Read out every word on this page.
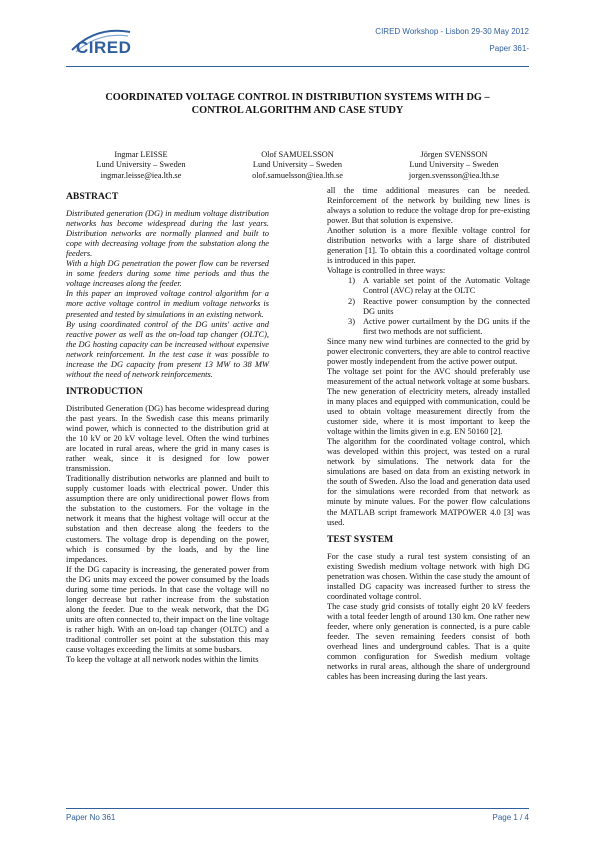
CIRED
CIRED Workshop - Lisbon 29-30 May 2012
Paper 361-
COORDINATED VOLTAGE CONTROL IN DISTRIBUTION SYSTEMS WITH DG –
CONTROL ALGORITHM AND CASE STUDY
Ingmar LEISSE
Lund University – Sweden
ingmar.leisse@iea.lth.se
Olof SAMUELSSON
Lund University – Sweden
olof.samuelsson@iea.lth.se
Jörgen SVENSSON
Lund University – Sweden
jorgen.svensson@iea.lth.se
ABSTRACT

Distributed generation (DG) in medium voltage distribution networks has become widespread during the last years. Distribution networks are normally planned and built to cope with decreasing voltage from the substation along the feeders.

With a high DG penetration the power flow can be reversed in some feeders during some time periods and thus the voltage increases along the feeder.

In this paper an improved voltage control algorithm for a more active voltage control in medium voltage networks is presented and tested by simulations in an existing network.

By using coordinated control of the DG units' active and reactive power as well as the on-load tap changer (OLTC), the DG hosting capacity can be increased without expensive network reinforcement. In the test case it was possible to increase the DG capacity from present 13 MW to 38 MW without the need of network reinforcements.

INTRODUCTION

Distributed Generation (DG) has become widespread during the past years. In the Swedish case this means primarily wind power, which is connected to the distribution grid at the 10 kV or 20 kV voltage level. Often the wind turbines are located in rural areas, where the grid in many cases is rather weak, since it is designed for low power transmission.

Traditionally distribution networks are planned and built to supply customer loads with electrical power. Under this assumption there are only unidirectional power flows from the substation to the customers. For the voltage in the network it means that the highest voltage will occur at the substation and then decrease along the feeders to the customers. The voltage drop is depending on the power, which is consumed by the loads, and by the line impedances.

If the DG capacity is increasing, the generated power from the DG units may exceed the power consumed by the loads during some time periods. In that case the voltage will no longer decrease but rather increase from the substation along the feeder. Due to the weak network, that the DG units are often connected to, their impact on the line voltage is rather high. With an on-load tap changer (OLTC) and a traditional controller set point at the substation this may cause voltages exceeding the limits at some busbars.

To keep the voltage at all network nodes within the limits

all the time additional measures can be needed. Reinforcement of the network by building new lines is always a solution to reduce the voltage drop for pre-existing power. But that solution is expensive.

Another solution is a more flexible voltage control for distribution networks with a large share of distributed generation [1]. To obtain this a coordinated voltage control is introduced in this paper.

Voltage is controlled in three ways:

1) A variable set point of the Automatic Voltage Control (AVC) relay at the OLTC
2) Reactive power consumption by the connected DG units
3) Active power curtailment by the DG units if the first two methods are not sufficient.

Since many new wind turbines are connected to the grid by power electronic converters, they are able to control reactive power mostly independent from the active power output.

The voltage set point for the AVC should preferably use measurement of the actual network voltage at some busbars. The new generation of electricity meters, already installed in many places and equipped with communication, could be used to obtain voltage measurement directly from the customer side, where it is most important to keep the voltage within the limits given in e.g. EN 50160 [2].

The algorithm for the coordinated voltage control, which was developed within this project, was tested on a rural network by simulations. The network data for the simulations are based on data from an existing network in the south of Sweden. Also the load and generation data used for the simulations were recorded from that network as minute by minute values. For the power flow calculations the MATLAB script framework MATPOWER 4.0 [3] was used.

TEST SYSTEM

For the case study a rural test system consisting of an existing Swedish medium voltage network with high DG penetration was chosen. Within the case study the amount of installed DG capacity was increased further to stress the coordinated voltage control.

The case study grid consists of totally eight 20 kV feeders with a total feeder length of around 130 km. One rather new feeder, where only generation is connected, is a pure cable feeder. The seven remaining feeders consist of both overhead lines and underground cables. That is a quite common configuration for Swedish medium voltage networks in rural areas, although the share of underground cables has been increasing during the last years.

Paper No 361	Page 1 / 4
